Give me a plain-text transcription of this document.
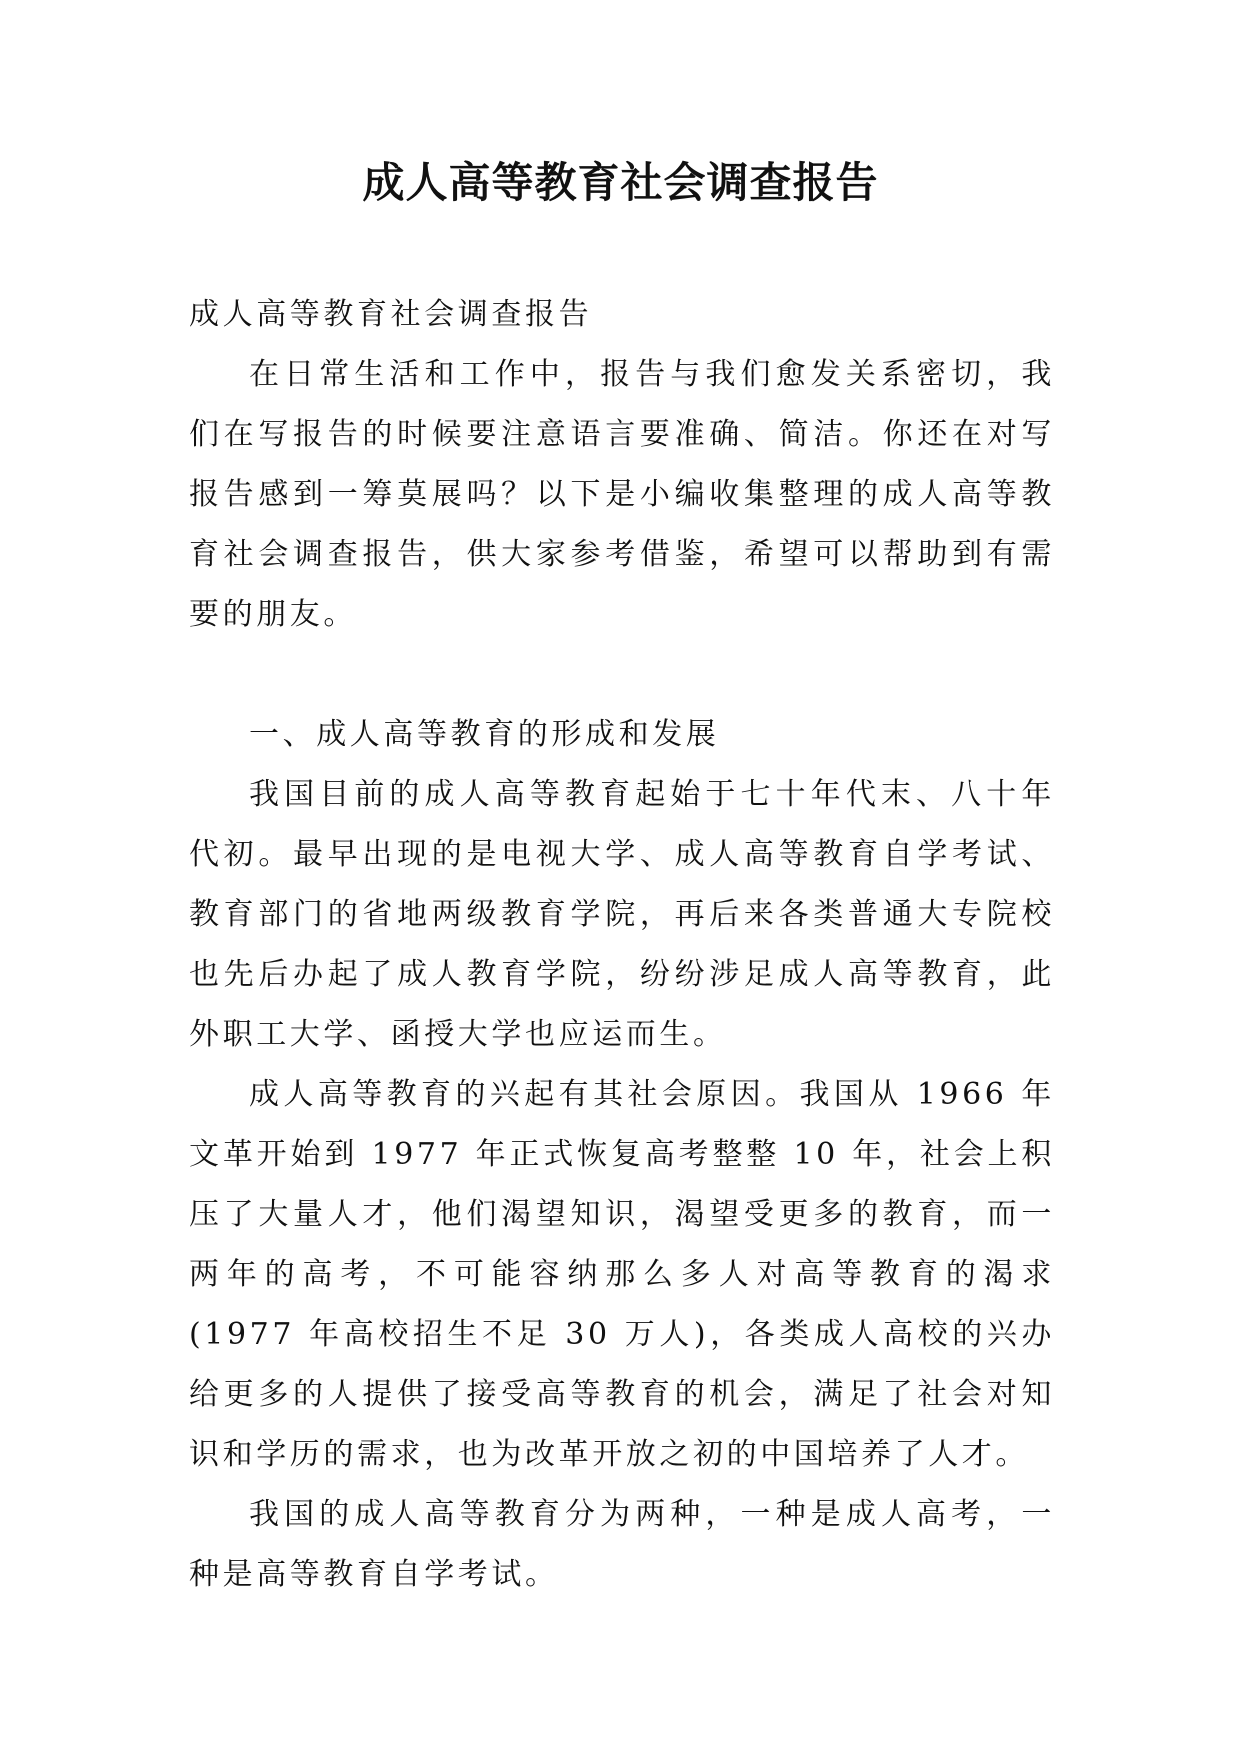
成人高等教育社会调查报告

成人高等教育社会调查报告

在日常生活和工作中，报告与我们愈发关系密切，我们在写报告的时候要注意语言要准确、简洁。你还在对写报告感到一筹莫展吗？以下是小编收集整理的成人高等教育社会调查报告，供大家参考借鉴，希望可以帮助到有需要的朋友。

一、成人高等教育的形成和发展

我国目前的成人高等教育起始于七十年代末、八十年代初。最早出现的是电视大学、成人高等教育自学考试、教育部门的省地两级教育学院，再后来各类普通大专院校也先后办起了成人教育学院，纷纷涉足成人高等教育，此外职工大学、函授大学也应运而生。

成人高等教育的兴起有其社会原因。我国从 1966 年文革开始到 1977 年正式恢复高考整整 10 年，社会上积压了大量人才，他们渴望知识，渴望受更多的教育，而一两年的高考，不可能容纳那么多人对高等教育的渴求(1977 年高校招生不足 30 万人)，各类成人高校的兴办给更多的人提供了接受高等教育的机会，满足了社会对知识和学历的需求，也为改革开放之初的中国培养了人才。

我国的成人高等教育分为两种，一种是成人高考，一种是高等教育自学考试。
